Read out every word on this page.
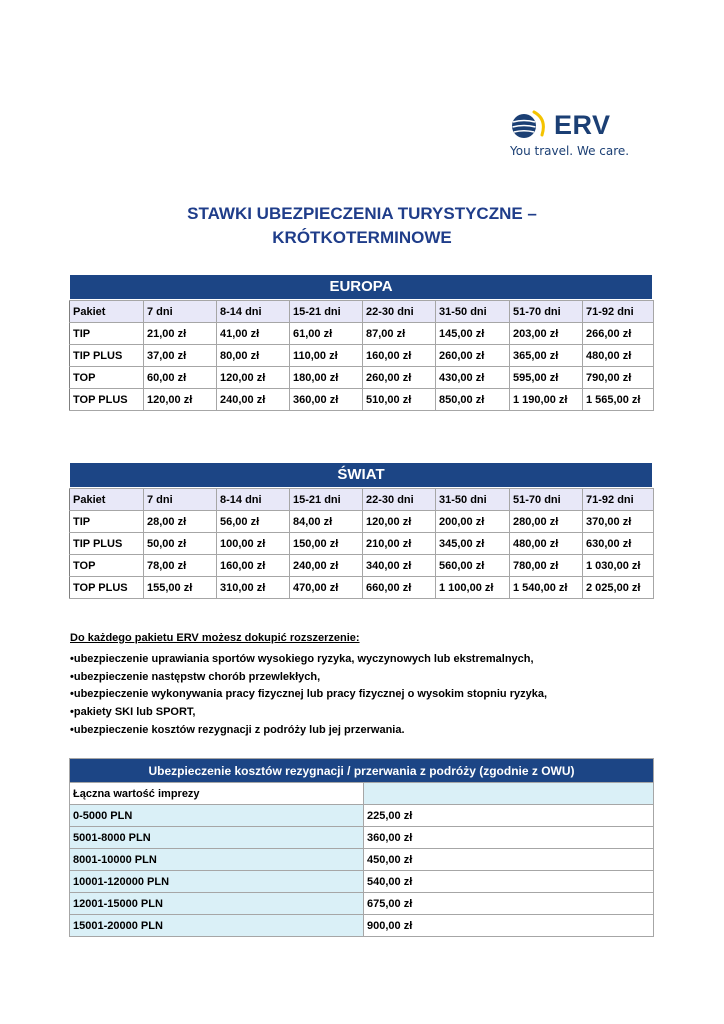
ERV
You travel. We care.
STAWKI UBEZPIECZENIA TURYSTYCZNE –
KRÓTKOTERMINOWE
EUROPA
Pakiet	7 dni	8-14 dni	15-21 dni	22-30 dni	31-50 dni	51-70 dni	71-92 dni
TIP	21,00 zł	41,00 zł	61,00 zł	87,00 zł	145,00 zł	203,00 zł	266,00 zł
TIP PLUS	37,00 zł	80,00 zł	110,00 zł	160,00 zł	260,00 zł	365,00 zł	480,00 zł
TOP	60,00 zł	120,00 zł	180,00 zł	260,00 zł	430,00 zł	595,00 zł	790,00 zł
TOP PLUS	120,00 zł	240,00 zł	360,00 zł	510,00 zł	850,00 zł	1 190,00 zł	1 565,00 zł
ŚWIAT
Pakiet	7 dni	8-14 dni	15-21 dni	22-30 dni	31-50 dni	51-70 dni	71-92 dni
TIP	28,00 zł	56,00 zł	84,00 zł	120,00 zł	200,00 zł	280,00 zł	370,00 zł
TIP PLUS	50,00 zł	100,00 zł	150,00 zł	210,00 zł	345,00 zł	480,00 zł	630,00 zł
TOP	78,00 zł	160,00 zł	240,00 zł	340,00 zł	560,00 zł	780,00 zł	1 030,00 zł
TOP PLUS	155,00 zł	310,00 zł	470,00 zł	660,00 zł	1 100,00 zł	1 540,00 zł	2 025,00 zł
Do każdego pakietu ERV możesz dokupić rozszerzenie:
•ubezpieczenie uprawiania sportów wysokiego ryzyka, wyczynowych lub ekstremalnych,
•ubezpieczenie następstw chorób przewlekłych,
•ubezpieczenie wykonywania pracy fizycznej lub pracy fizycznej o wysokim stopniu ryzyka,
•pakiety SKI lub SPORT,
•ubezpieczenie kosztów rezygnacji z podróży lub jej przerwania.
Ubezpieczenie kosztów rezygnacji / przerwania z podróży (zgodnie z OWU)	
Łączna wartość imprezy	
0-5000 PLN	225,00 zł
5001-8000 PLN	360,00 zł
8001-10000 PLN	450,00 zł
10001-120000 PLN	540,00 zł
12001-15000 PLN	675,00 zł
15001-20000 PLN	900,00 zł
